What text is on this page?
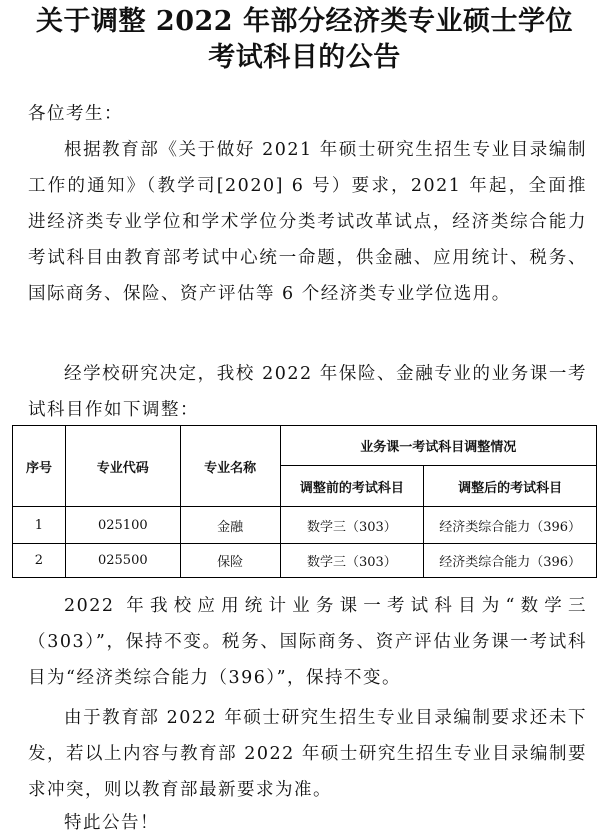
关于调整 2022 年部分经济类专业硕士学位
考试科目的公告
各位考生：

根据教育部《关于做好 2021 年硕士研究生招生专业目录编制工作的通知》（教学司[2020] 6 号）要求，2021 年起，全面推进经济类专业学位和学术学位分类考试改革试点，经济类综合能力考试科目由教育部考试中心统一命题，供金融、应用统计、税务、国际商务、保险、资产评估等 6 个经济类专业学位选用。

经学校研究决定，我校 2022 年保险、金融专业的业务课一考试科目作如下调整：

序号	专业代码	专业名称	业务课一考试科目调整情况	
			调整前的考试科目	调整后的考试科目
1	025100	金融	数学三（303）	经济类综合能力（396）
2	025500	保险	数学三（303）	经济类综合能力（396）

2022 年我校应用统计业务课一考试科目为“数学三（303）”，保持不变。税务、国际商务、资产评估业务课一考试科目为“经济类综合能力（396）”，保持不变。

由于教育部 2022 年硕士研究生招生专业目录编制要求还未下发，若以上内容与教育部 2022 年硕士研究生招生专业目录编制要求冲突，则以教育部最新要求为准。

特此公告！
